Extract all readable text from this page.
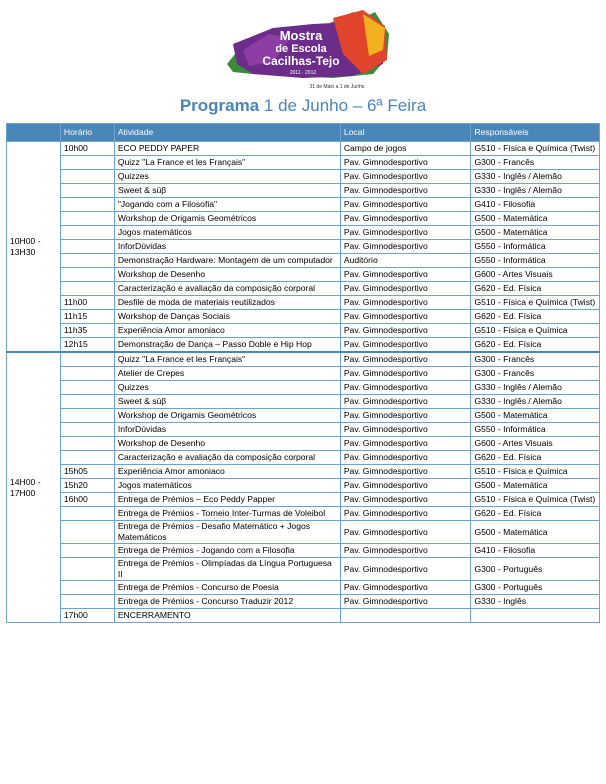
Mostra
de Escola
Cacilhas-Tejo
2011 · 2012
31 de Maio a 1 de Junho
Programa 1 de Junho – 6ª Feira
	Horário	Atividade	Local	Responsáveis
10H00 - 13H30	10h00	ECO PEDDY PAPER	Campo de jogos	G510 - Física e Química (Twist)
		Quizz "La France et les Français"	Pav. Gimnodesportivo	G300 - Francês
		Quizzes	Pav. Gimnodesportivo	G330 - Inglês / Alemão
		Sweet & süβ	Pav. Gimnodesportivo	G330 - Inglês / Alemão
		"Jogando com a Filosofia"	Pav. Gimnodesportivo	G410 - Filosofia
		Workshop de Origamis Geométricos	Pav. Gimnodesportivo	G500 - Matemática
		Jogos matemáticos	Pav. Gimnodesportivo	G500 - Matemática
		InforDúvidas	Pav. Gimnodesportivo	G550 - Informática
		Demonstração Hardware: Montagem de um computador	Auditório	G550 - Informática
		Workshop de Desenho	Pav. Gimnodesportivo	G600 - Artes Visuais
		Caracterização e avaliação da composição corporal	Pav. Gimnodesportivo	G620 - Ed. Física
	11h00	Desfile de moda de materiais reutilizados	Pav. Gimnodesportivo	G510 - Física e Química (Twist)
	11h15	Workshop de Danças Sociais	Pav. Gimnodesportivo	G620 - Ed. Física
	11h35	Experiência Amor amoniaco	Pav. Gimnodesportivo	G510 - Física e Química
	12h15	Demonstração de Dança – Passo Doble e Hip Hop	Pav. Gimnodesportivo	G620 - Ed. Física
14H00 - 17H00		Quizz "La France et les Français"	Pav. Gimnodesportivo	G300 - Francês
		Atelier de Crepes	Pav. Gimnodesportivo	G300 - Francês
		Quizzes	Pav. Gimnodesportivo	G330 - Inglês / Alemão
		Sweet & süβ	Pav. Gimnodesportivo	G330 - Inglês / Alemão
		Workshop de Origamis Geométricos	Pav. Gimnodesportivo	G500 - Matemática
		InforDúvidas	Pav. Gimnodesportivo	G550 - Informática
		Workshop de Desenho	Pav. Gimnodesportivo	G600 - Artes Visuais
		Caracterização e avaliação da composição corporal	Pav. Gimnodesportivo	G620 - Ed. Física
	15h05	Experiência Amor amoniaco	Pav. Gimnodesportivo	G510 - Física e Química
	15h20	Jogos matemáticos	Pav. Gimnodesportivo	G500 - Matemática
	16h00	Entrega de Prémios – Eco Peddy Papper	Pav. Gimnodesportivo	G510 - Física e Química (Twist)
		Entrega de Prémios - Torneio Inter-Turmas de Voleibol	Pav. Gimnodesportivo	G620 - Ed. Física
		Entrega de Prémios - Desafio Matemático + Jogos Matemáticos	Pav. Gimnodesportivo	G500 - Matemática
		Entrega de Prémios - Jogando com a Filosofia	Pav. Gimnodesportivo	G410 - Filosofia
		Entrega de Prémios - Olimpíadas da Língua Portuguesa II	Pav. Gimnodesportivo	G300 - Português
		Entrega de Prémios - Concurso de Poesia	Pav. Gimnodesportivo	G300 - Português
		Entrega de Prémios - Concurso Traduzir 2012	Pav. Gimnodesportivo	G330 - Inglês
	17h00	ENCERRAMENTO		
